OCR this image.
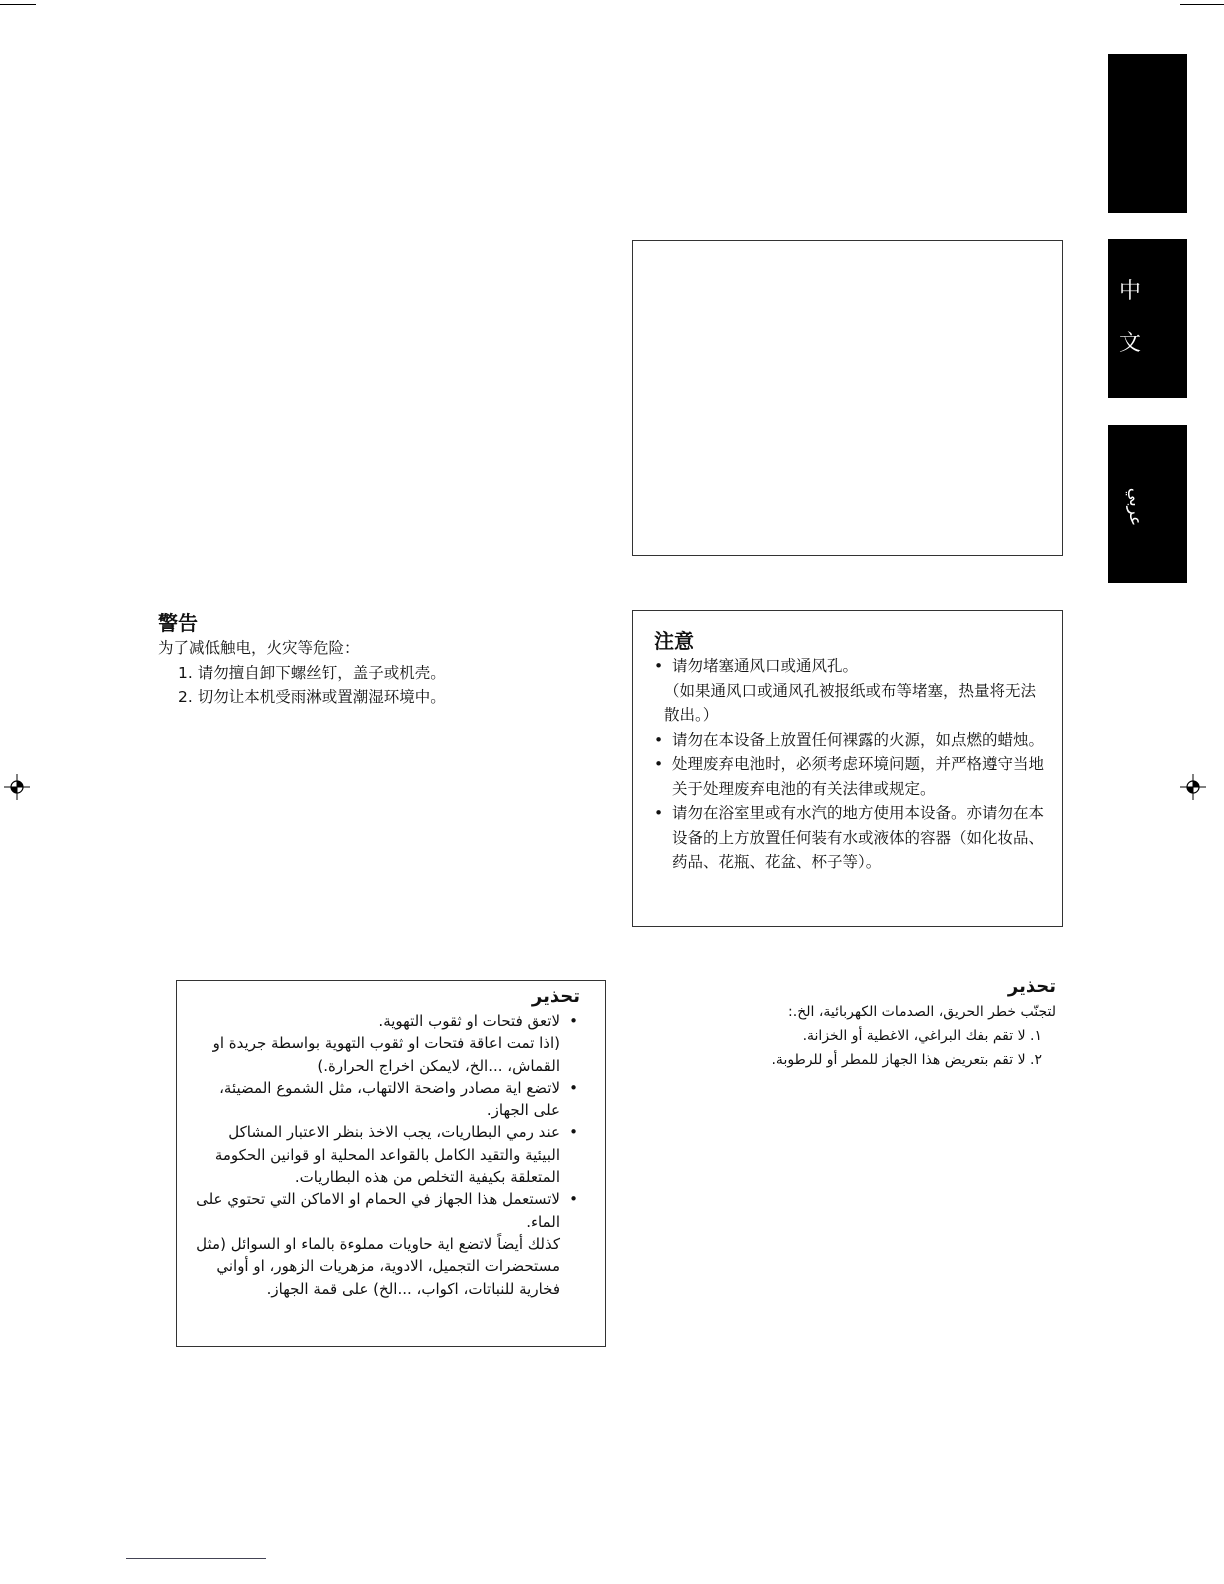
中
文
عربي
警告
为了减低触电，火灾等危险：
1. 请勿擅自卸下螺丝钉，盖子或机壳。
2. 切勿让本机受雨淋或置潮湿环境中。
注意
• 请勿堵塞通风口或通风孔。
（如果通风口或通风孔被报纸或布等堵塞，热量将无法散出。）
• 请勿在本设备上放置任何裸露的火源，如点燃的蜡烛。
• 处理废弃电池时，必须考虑环境问题，并严格遵守当地关于处理废弃电池的有关法律或规定。
• 请勿在浴室里或有水汽的地方使用本设备。亦请勿在本设备的上方放置任何装有水或液体的容器（如化妆品、药品、花瓶、花盆、杯子等）。
تحذير
•
لاتعق فتحات او ثقوب التهوية.
(اذا تمت اعاقة فتحات او ثقوب التهوية بواسطة جريدة او القماش، ...الخ، لايمكن اخراج الحرارة.)
•
لاتضع اية مصادر واضحة الالتهاب، مثل الشموع المضيئة، على الجهاز.
•
عند رمي البطاريات، يجب الاخذ بنظر الاعتبار المشاكل البيئية والتقيد الكامل بالقواعد المحلية او قوانين الحكومة المتعلقة بكيفية التخلص من هذه البطاريات.
•
لاتستعمل هذا الجهاز في الحمام او الاماكن التي تحتوي على الماء.
كذلك أيضاً لاتضع اية حاويات مملوءة بالماء او السوائل (مثل مستحضرات التجميل، الادوية، مزهريات الزهور، او أواني فخارية للنباتات، اكواب، ...الخ) على قمة الجهاز.
تحذير
لتجنّب خطر الحريق، الصدمات الكهربائية، الخ.:
١. لا تقم بفك البراغي، الاغطية أو الخزانة.
٢. لا تقم بتعريض هذا الجهاز للمطر أو للرطوبة.
